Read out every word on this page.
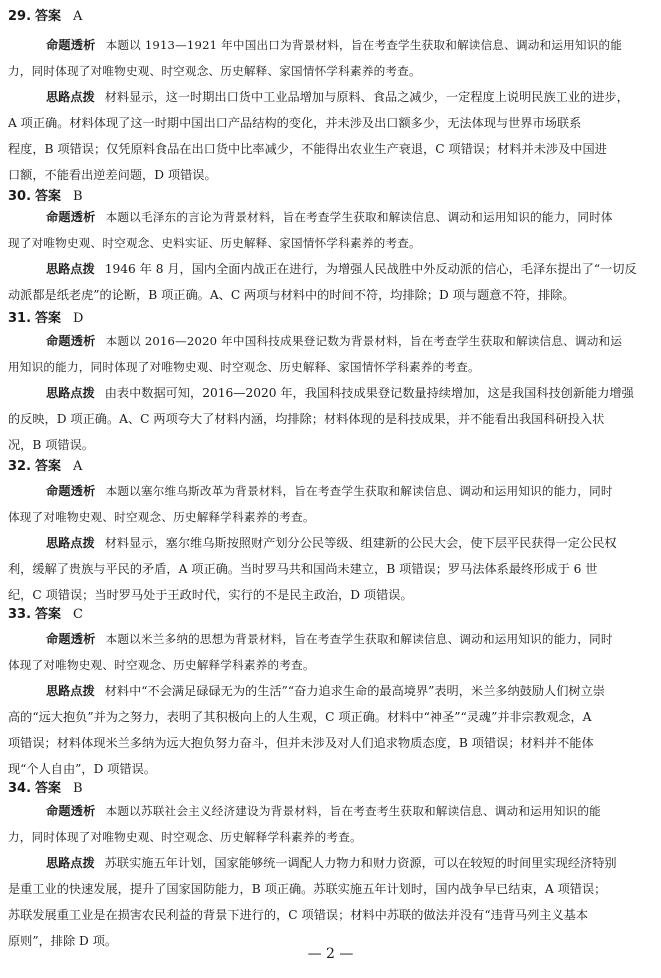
29. 答案 A
命题透析 本题以 1913—1921 年中国出口为背景材料，旨在考查学生获取和解读信息、调动和运用知识的能
力，同时体现了对唯物史观、时空观念、历史解释、家国情怀学科素养的考查。
思路点拨 材料显示，这一时期出口货中工业品增加与原料、食品之减少，一定程度上说明民族工业的进步，
A 项正确。材料体现了这一时期中国出口产品结构的变化，并未涉及出口额多少，无法体现与世界市场联系
程度，B 项错误；仅凭原料食品在出口货中比率减少，不能得出农业生产衰退，C 项错误；材料并未涉及中国进
口额，不能看出逆差问题，D 项错误。
30. 答案 B
命题透析 本题以毛泽东的言论为背景材料，旨在考查学生获取和解读信息、调动和运用知识的能力，同时体
现了对唯物史观、时空观念、史料实证、历史解释、家国情怀学科素养的考查。
思路点拨 1946 年 8 月，国内全面内战正在进行，为增强人民战胜中外反动派的信心，毛泽东提出了“一切反
动派都是纸老虎”的论断，B 项正确。A、C 两项与材料中的时间不符，均排除；D 项与题意不符，排除。
31. 答案 D
命题透析 本题以 2016—2020 年中国科技成果登记数为背景材料，旨在考查学生获取和解读信息、调动和运
用知识的能力，同时体现了对唯物史观、时空观念、历史解释、家国情怀学科素养的考查。
思路点拨 由表中数据可知，2016—2020 年，我国科技成果登记数量持续增加，这是我国科技创新能力增强
的反映，D 项正确。A、C 两项夸大了材料内涵，均排除；材料体现的是科技成果，并不能看出我国科研投入状
况，B 项错误。
32. 答案 A
命题透析 本题以塞尔维乌斯改革为背景材料，旨在考查学生获取和解读信息、调动和运用知识的能力，同时
体现了对唯物史观、时空观念、历史解释学科素养的考查。
思路点拨 材料显示，塞尔维乌斯按照财产划分公民等级、组建新的公民大会，使下层平民获得一定公民权
利，缓解了贵族与平民的矛盾，A 项正确。当时罗马共和国尚未建立，B 项错误；罗马法体系最终形成于 6 世
纪，C 项错误；当时罗马处于王政时代，实行的不是民主政治，D 项错误。
33. 答案 C
命题透析 本题以米兰多纳的思想为背景材料，旨在考查学生获取和解读信息、调动和运用知识的能力，同时
体现了对唯物史观、时空观念、历史解释学科素养的考查。
思路点拨 材料中“不会满足碌碌无为的生活”“奋力追求生命的最高境界”表明，米兰多纳鼓励人们树立崇
高的“远大抱负”并为之努力，表明了其积极向上的人生观，C 项正确。材料中“神圣”“灵魂”并非宗教观念，A
项错误；材料体现米兰多纳为远大抱负努力奋斗，但并未涉及对人们追求物质态度，B 项错误；材料并不能体
现“个人自由”，D 项错误。
34. 答案 B
命题透析 本题以苏联社会主义经济建设为背景材料，旨在考查考生获取和解读信息、调动和运用知识的能
力，同时体现了对唯物史观、时空观念、历史解释学科素养的考查。
思路点拨 苏联实施五年计划，国家能够统一调配人力物力和财力资源，可以在较短的时间里实现经济特别
是重工业的快速发展，提升了国家国防能力，B 项正确。苏联实施五年计划时，国内战争早已结束，A 项错误；
苏联发展重工业是在损害农民利益的背景下进行的，C 项错误；材料中苏联的做法并没有“违背马列主义基本
原则”，排除 D 项。
— 2 —
